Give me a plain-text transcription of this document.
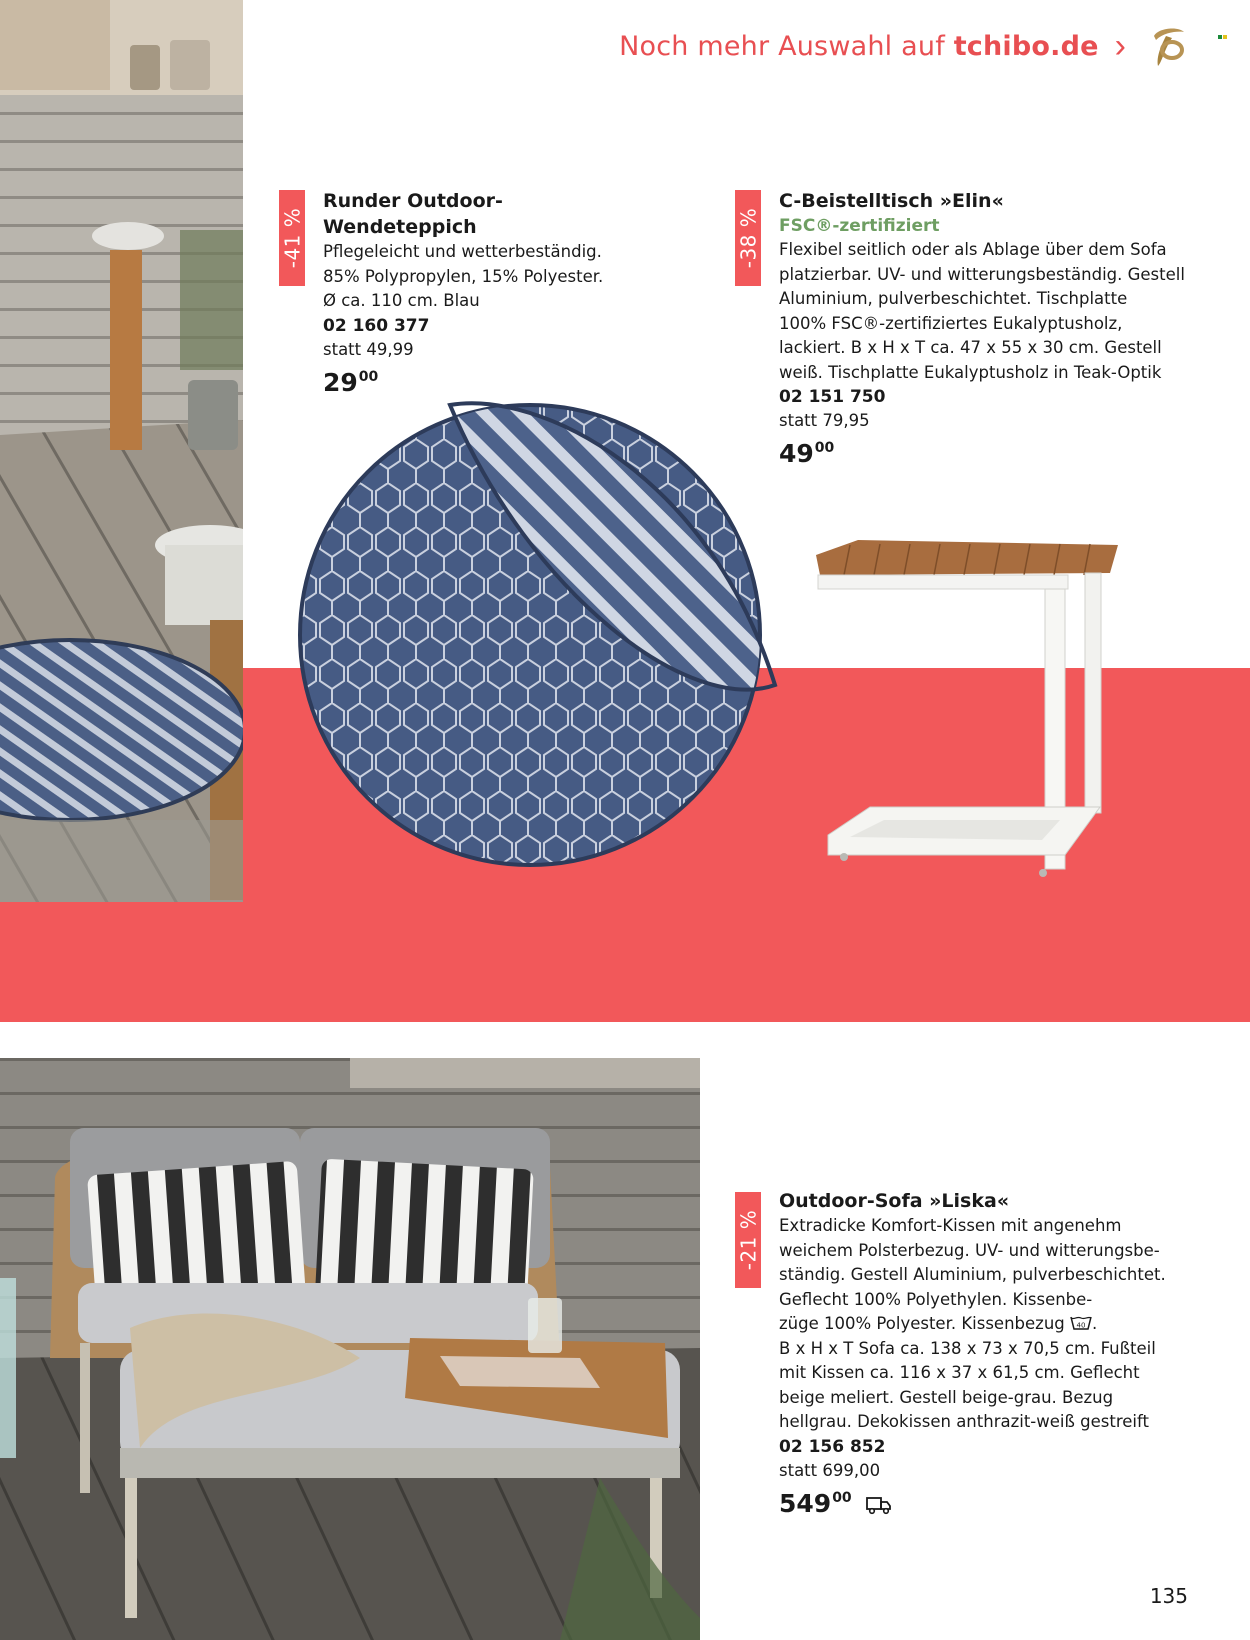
Noch mehr Auswahl auf tchibo.de ›
-41 %
Runder Outdoor-Wendeteppich
Pflegeleicht und wetterbeständig.
85% Polypropylen, 15% Polyester.
Ø ca. 110 cm. Blau
02 160 377
statt 49,99
29 00
-38 %
C-Beistelltisch »Elin«
FSC®-zertifiziert
Flexibel seitlich oder als Ablage über dem Sofa
platzierbar. UV- und witterungsbeständig. Gestell
Aluminium, pulverbeschichtet. Tischplatte
100% FSC®-zertifiziertes Eukalyptusholz,
lackiert. B x H x T ca. 47 x 55 x 30 cm. Gestell
weiß. Tischplatte Eukalyptusholz in Teak-Optik
02 151 750
statt 79,95
49 00
-21 %
Outdoor-Sofa »Liska«
Extradicke Komfort-Kissen mit angenehm
weichem Polsterbezug. UV- und witterungsbe-
ständig. Gestell Aluminium, pulverbeschichtet.
Geflecht 100% Polyethylen. Kissenbe-
züge 100% Polyester. Kissenbezug 40 .
B x H x T Sofa ca. 138 x 73 x 70,5 cm. Fußteil
mit Kissen ca. 116 x 37 x 61,5 cm. Geflecht
beige meliert. Gestell beige-grau. Bezug
hellgrau. Dekokissen anthrazit-weiß gestreift
02 156 852
statt 699,00
549 00
135
